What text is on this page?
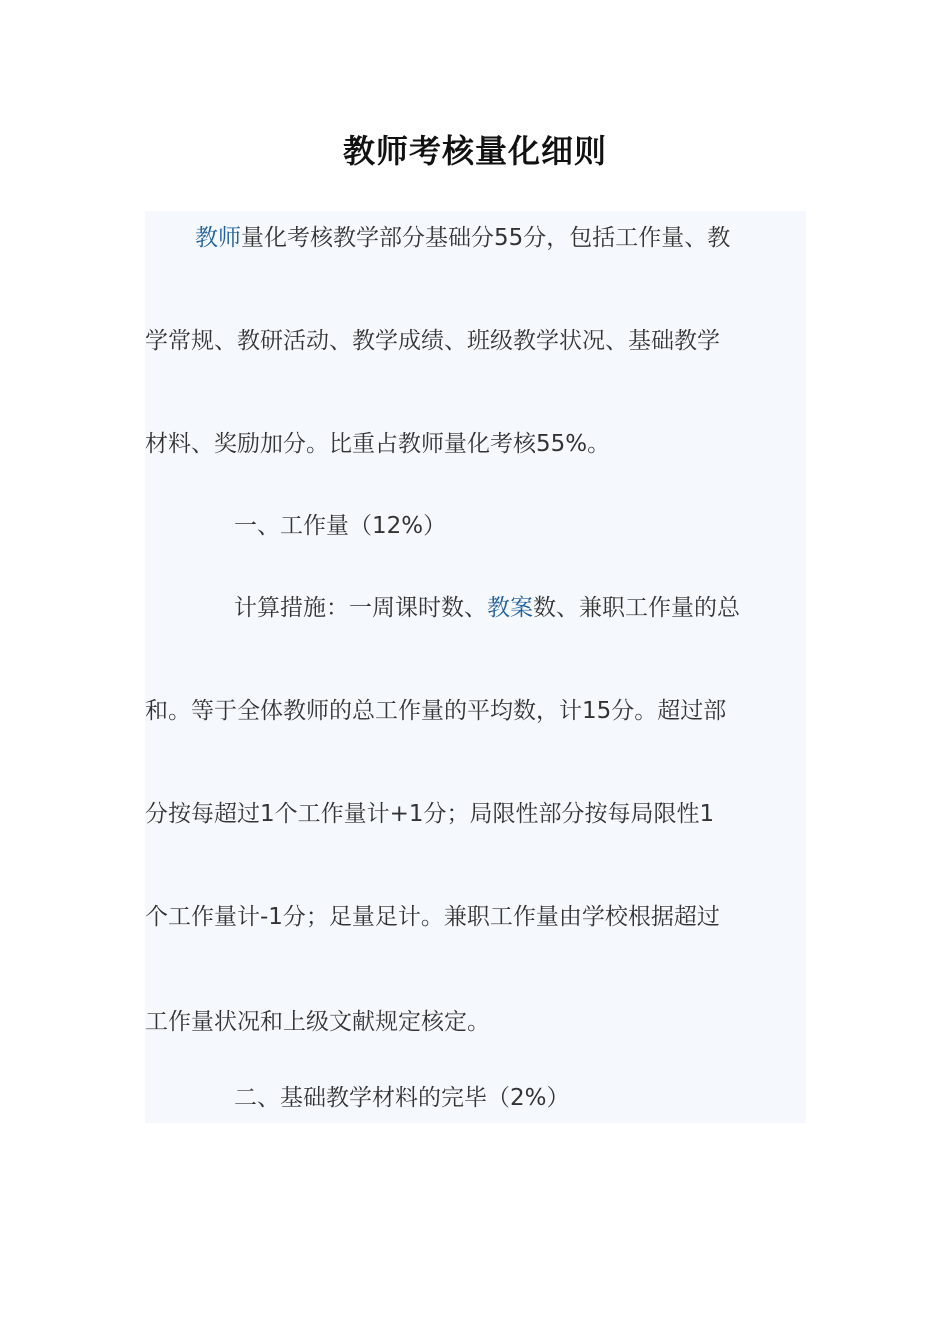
教师考核量化细则
教师量化考核教学部分基础分55分，包括工作量、教
学常规、教研活动、教学成绩、班级教学状况、基础教学
材料、奖励加分。比重占教师量化考核55%。
一、工作量（12%）
计算措施：一周课时数、教案数、兼职工作量的总
和。等于全体教师的总工作量的平均数，计15分。超过部
分按每超过1个工作量计+1分；局限性部分按每局限性1
个工作量计-1分；足量足计。兼职工作量由学校根据超过
工作量状况和上级文献规定核定。
二、基础教学材料的完毕（2%）
